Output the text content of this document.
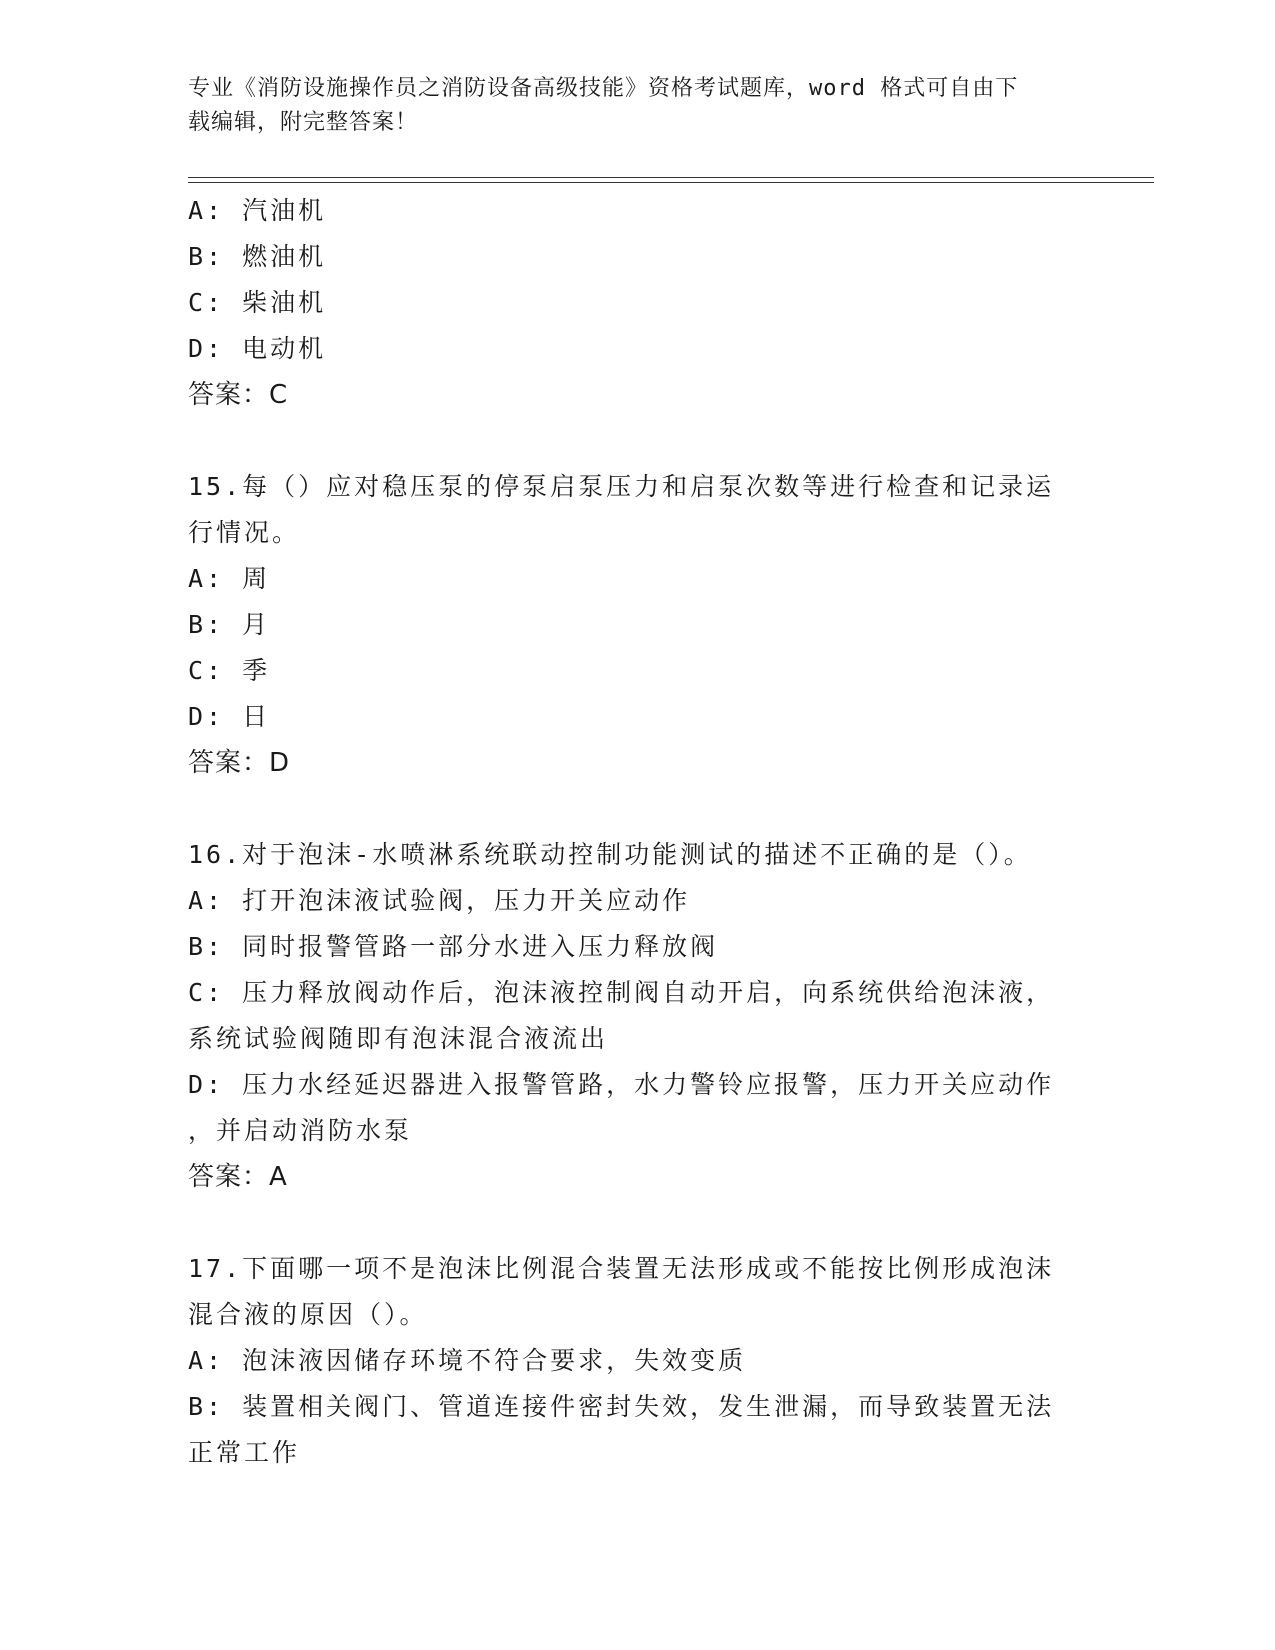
专业《消防设施操作员之消防设备高级技能》资格考试题库，word 格式可自由下
载编辑，附完整答案！

A: 汽油机

B: 燃油机

C: 柴油机

D: 电动机

答案：C

15.每（）应对稳压泵的停泵启泵压力和启泵次数等进行检查和记录运

行情况。

A: 周

B: 月

C: 季

D: 日

答案：D

16.对于泡沫-水喷淋系统联动控制功能测试的描述不正确的是（）。

A: 打开泡沫液试验阀，压力开关应动作

B: 同时报警管路一部分水进入压力释放阀

C: 压力释放阀动作后，泡沫液控制阀自动开启，向系统供给泡沫液，

系统试验阀随即有泡沫混合液流出

D: 压力水经延迟器进入报警管路，水力警铃应报警，压力开关应动作

，并启动消防水泵

答案：A

17.下面哪一项不是泡沫比例混合装置无法形成或不能按比例形成泡沫

混合液的原因（）。

A: 泡沫液因储存环境不符合要求，失效变质

B: 装置相关阀门、管道连接件密封失效，发生泄漏，而导致装置无法

正常工作
